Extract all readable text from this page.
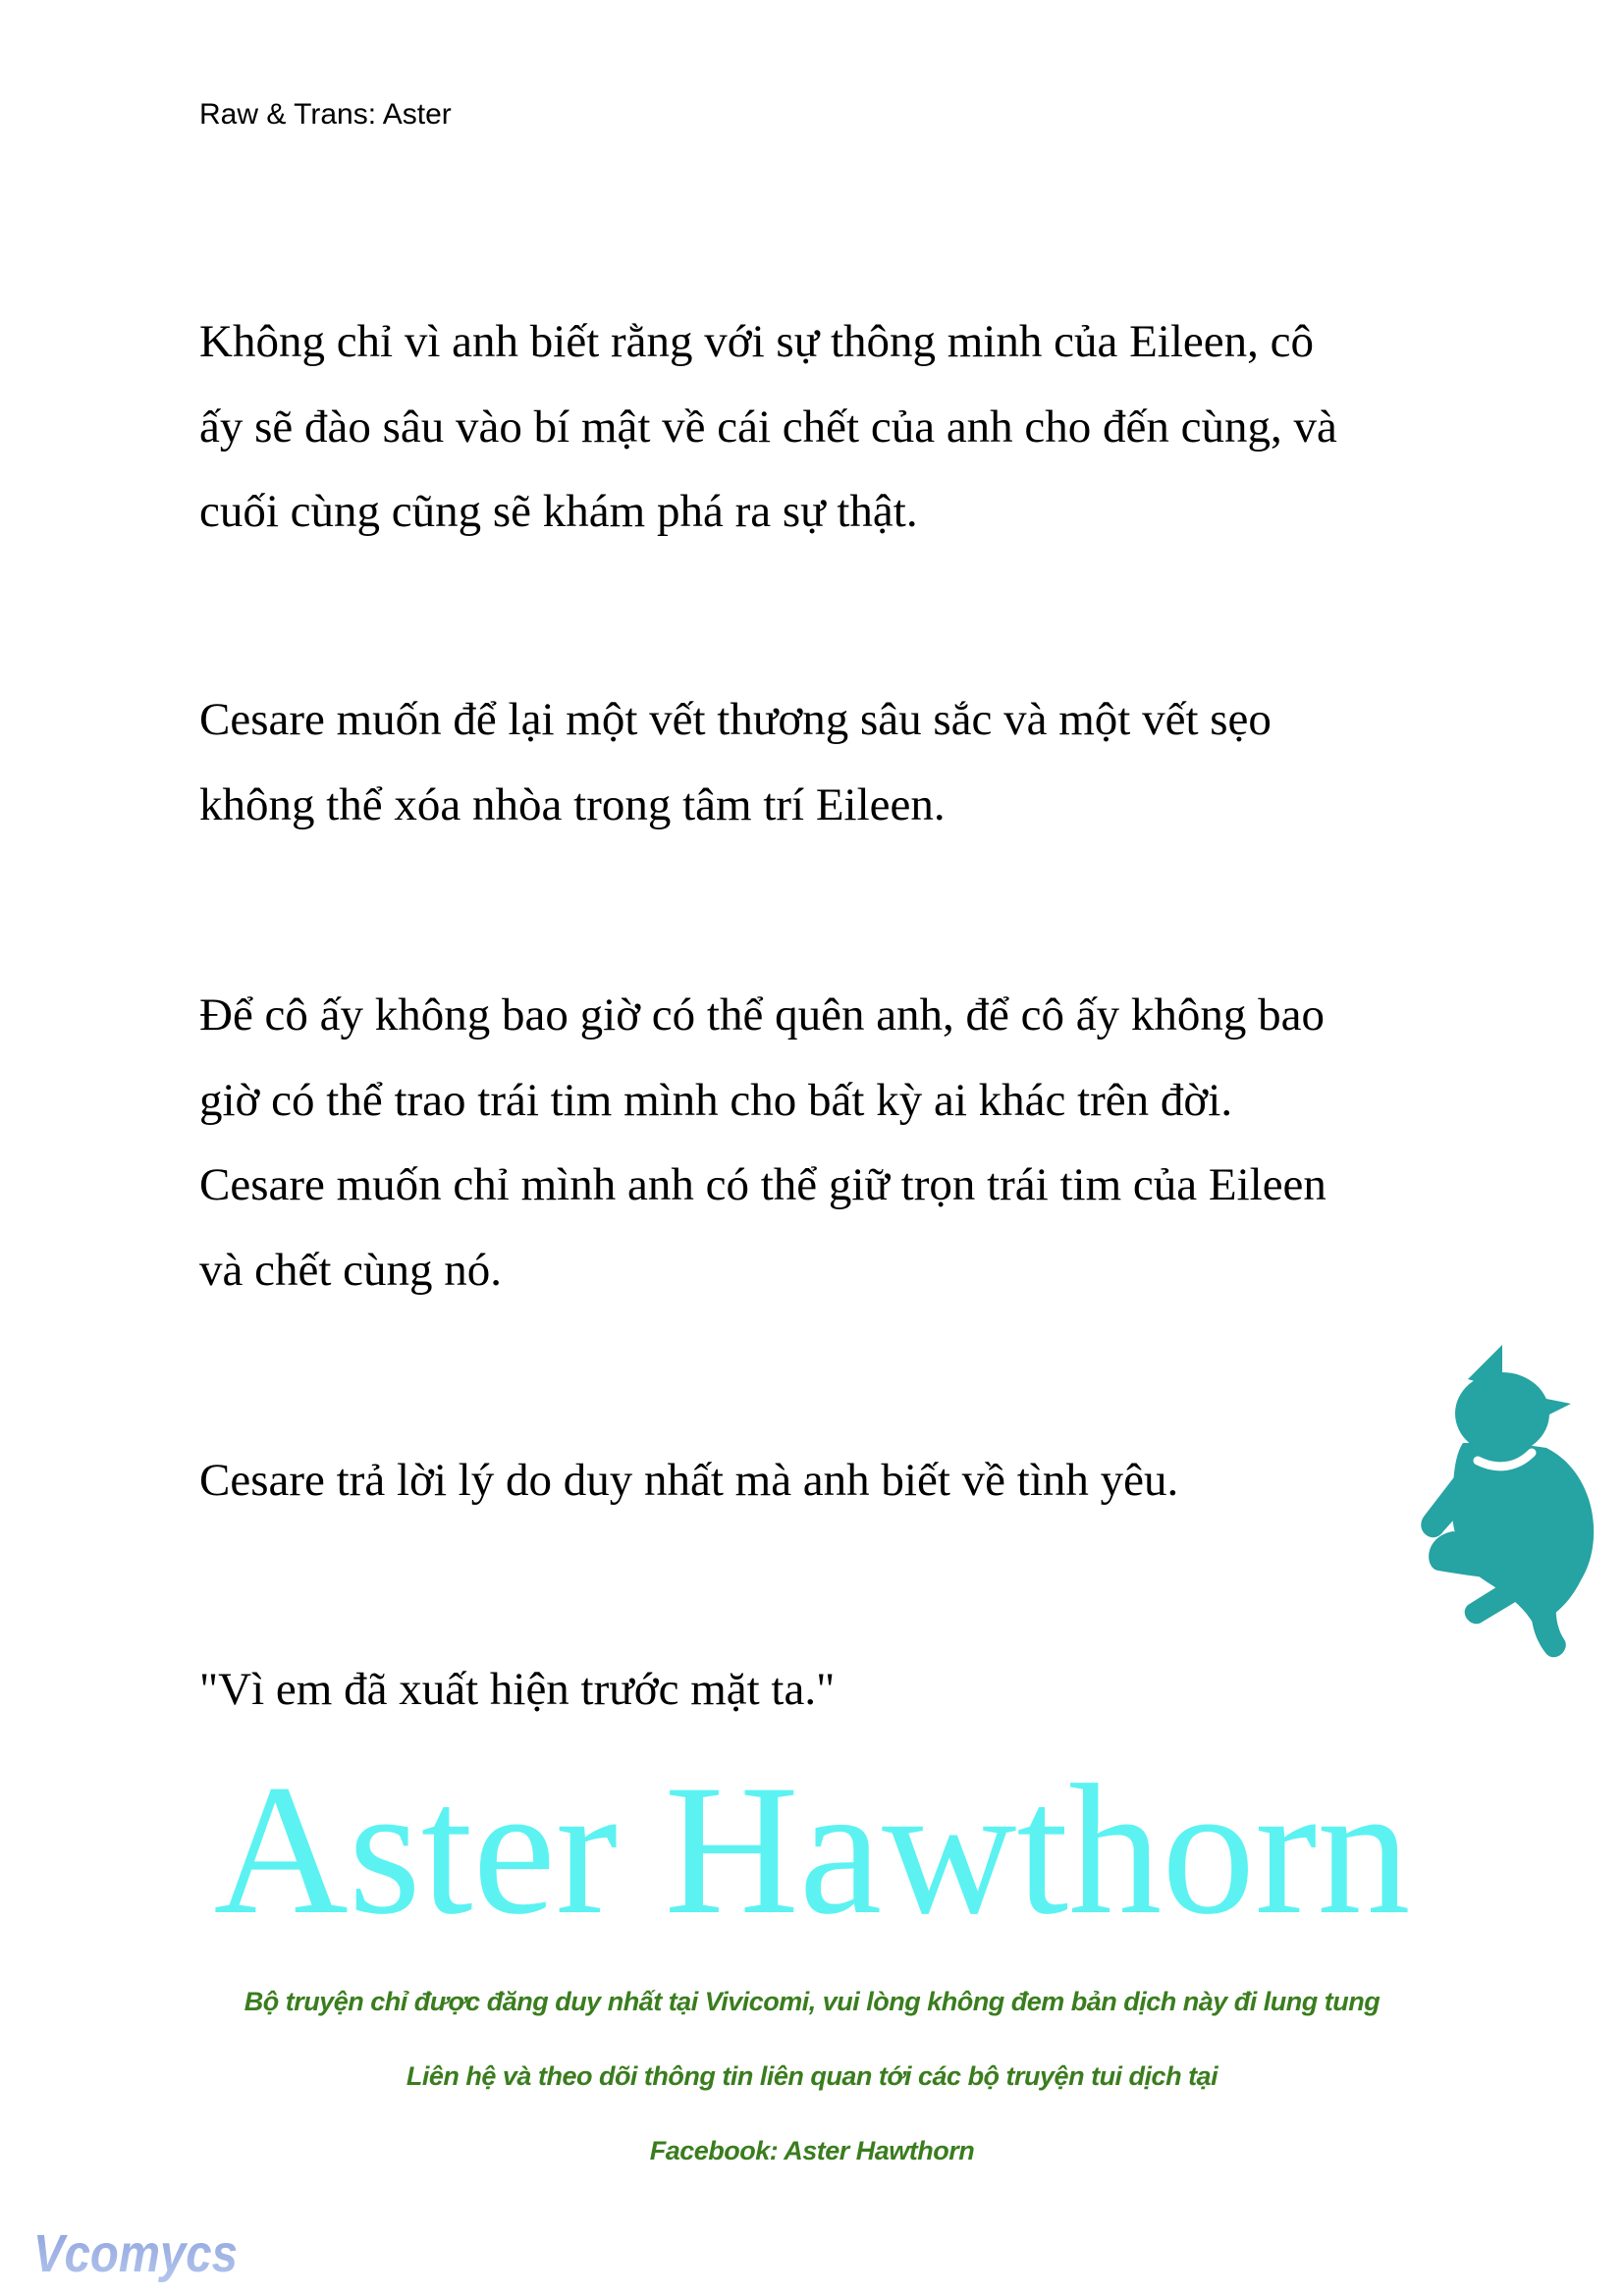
Raw & Trans: Aster
Không chỉ vì anh biết rằng với sự thông minh của Eileen, cô
ấy sẽ đào sâu vào bí mật về cái chết của anh cho đến cùng, và
cuối cùng cũng sẽ khám phá ra sự thật.
Cesare muốn để lại một vết thương sâu sắc và một vết sẹo
không thể xóa nhòa trong tâm trí Eileen.
Để cô ấy không bao giờ có thể quên anh, để cô ấy không bao
giờ có thể trao trái tim mình cho bất kỳ ai khác trên đời.
Cesare muốn chỉ mình anh có thể giữ trọn trái tim của Eileen
và chết cùng nó.
Cesare trả lời lý do duy nhất mà anh biết về tình yêu.
"Vì em đã xuất hiện trước mặt ta."
Aster Hawthorn
Bộ truyện chỉ được đăng duy nhất tại Vivicomi, vui lòng không đem bản dịch này đi lung tung
Liên hệ và theo dõi thông tin liên quan tới các bộ truyện tui dịch tại
Facebook: Aster Hawthorn
Vcomycs
